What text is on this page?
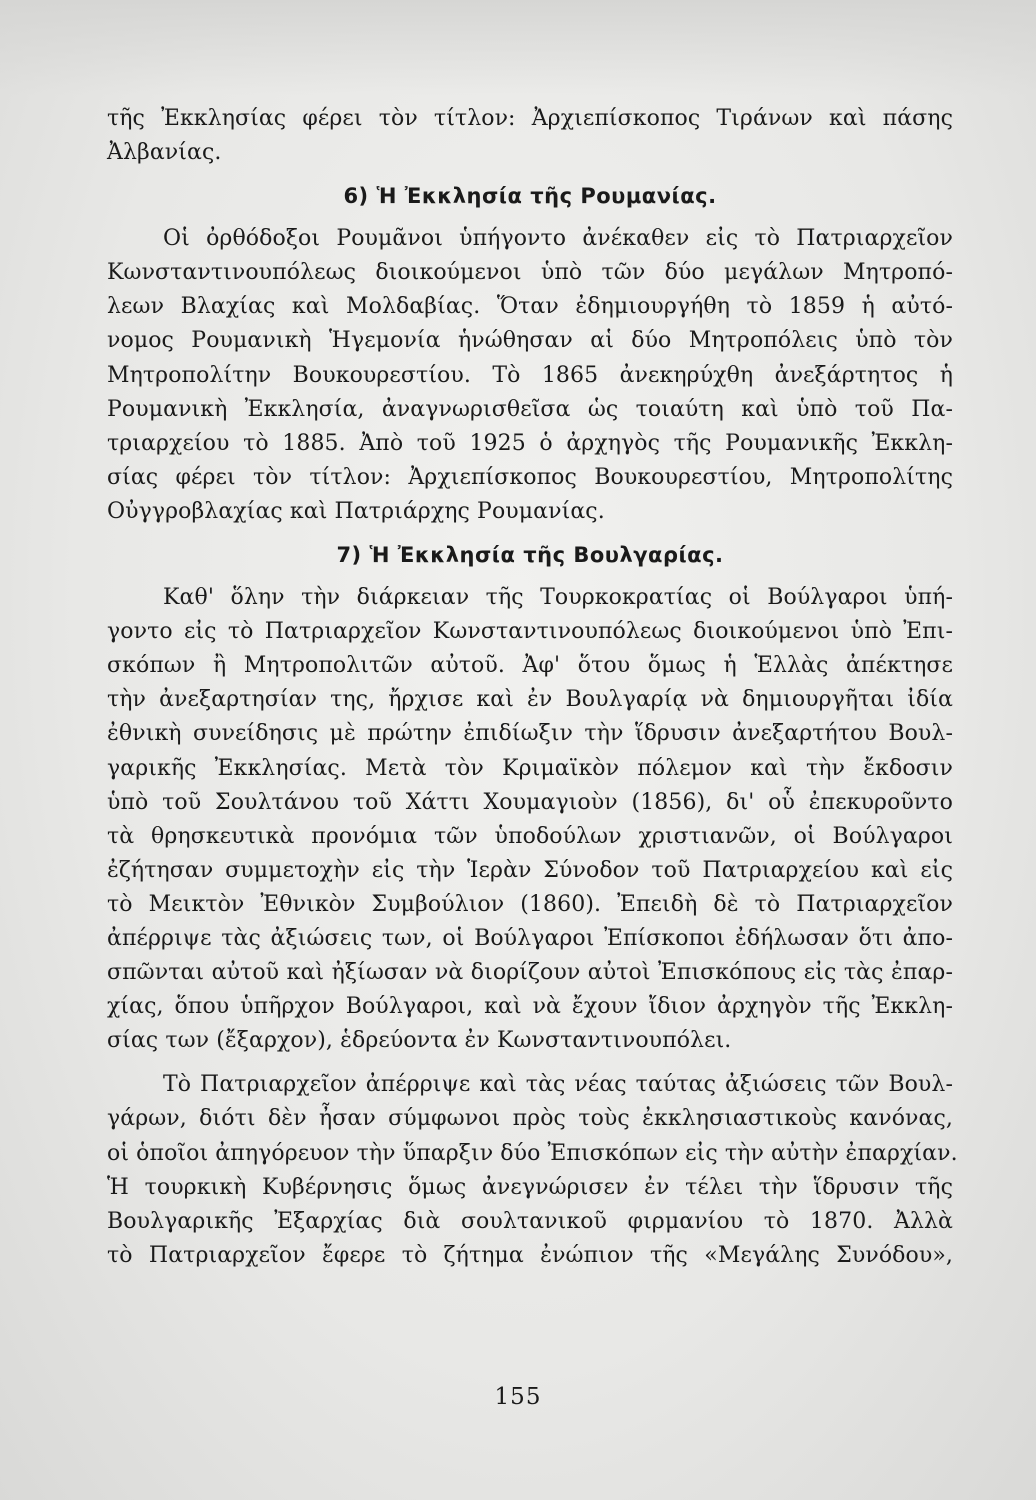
τῆς Ἐκκλησίας φέρει τὸν τίτλον: Ἀρχιεπίσκοπος Τιράνων καὶ πάσης
Ἀλβανίας.
6) Ἡ Ἐκκλησία τῆς Ρουμανίας.
Οἱ ὀρθόδοξοι Ρουμᾶνοι ὑπήγοντο ἀνέκαθεν εἰς τὸ Πατριαρχεῖον
Κωνσταντινουπόλεως διοικούμενοι ὑπὸ τῶν δύο μεγάλων Μητροπό-
λεων Βλαχίας καὶ Μολδαβίας. Ὅταν ἐδημιουργήθη τὸ 1859 ἡ αὐτό-
νομος Ρουμανικὴ Ἡγεμονία ἡνώθησαν αἱ δύο Μητροπόλεις ὑπὸ τὸν
Μητροπολίτην Βουκουρεστίου. Τὸ 1865 ἀνεκηρύχθη ἀνεξάρτητος ἡ
Ρουμανικὴ Ἐκκλησία, ἀναγνωρισθεῖσα ὡς τοιαύτη καὶ ὑπὸ τοῦ Πα-
τριαρχείου τὸ 1885. Ἀπὸ τοῦ 1925 ὁ ἀρχηγὸς τῆς Ρουμανικῆς Ἐκκλη-
σίας φέρει τὸν τίτλον: Ἀρχιεπίσκοπος Βουκουρεστίου, Μητροπολίτης
Οὐγγροβλαχίας καὶ Πατριάρχης Ρουμανίας.
7) Ἡ Ἐκκλησία τῆς Βουλγαρίας.
Καθ' ὅλην τὴν διάρκειαν τῆς Τουρκοκρατίας οἱ Βούλγαροι ὑπή-
γοντο εἰς τὸ Πατριαρχεῖον Κωνσταντινουπόλεως διοικούμενοι ὑπὸ Ἐπι-
σκόπων ἢ Μητροπολιτῶν αὐτοῦ. Ἀφ' ὅτου ὅμως ἡ Ἑλλὰς ἀπέκτησε
τὴν ἀνεξαρτησίαν της, ἤρχισε καὶ ἐν Βουλγαρίᾳ νὰ δημιουργῆται ἰδία
ἐθνικὴ συνείδησις μὲ πρώτην ἐπιδίωξιν τὴν ἵδρυσιν ἀνεξαρτήτου Βουλ-
γαρικῆς Ἐκκλησίας. Μετὰ τὸν Κριμαϊκὸν πόλεμον καὶ τὴν ἔκδοσιν
ὑπὸ τοῦ Σουλτάνου τοῦ Χάττι Χουμαγιοὺν (1856), δι' οὗ ἐπεκυροῦντο
τὰ θρησκευτικὰ προνόμια τῶν ὑποδούλων χριστιανῶν, οἱ Βούλγαροι
ἐζήτησαν συμμετοχὴν εἰς τὴν Ἱερὰν Σύνοδον τοῦ Πατριαρχείου καὶ εἰς
τὸ Μεικτὸν Ἐθνικὸν Συμβούλιον (1860). Ἐπειδὴ δὲ τὸ Πατριαρχεῖον
ἀπέρριψε τὰς ἀξιώσεις των, οἱ Βούλγαροι Ἐπίσκοποι ἐδήλωσαν ὅτι ἀπο-
σπῶνται αὐτοῦ καὶ ἠξίωσαν νὰ διορίζουν αὐτοὶ Ἐπισκόπους εἰς τὰς ἐπαρ-
χίας, ὅπου ὑπῆρχον Βούλγαροι, καὶ νὰ ἔχουν ἴδιον ἀρχηγὸν τῆς Ἐκκλη-
σίας των (ἔξαρχον), ἑδρεύοντα ἐν Κωνσταντινουπόλει.
Τὸ Πατριαρχεῖον ἀπέρριψε καὶ τὰς νέας ταύτας ἀξιώσεις τῶν Βουλ-
γάρων, διότι δὲν ἦσαν σύμφωνοι πρὸς τοὺς ἐκκλησιαστικοὺς κανόνας,
οἱ ὁποῖοι ἀπηγόρευον τὴν ὕπαρξιν δύο Ἐπισκόπων εἰς τὴν αὐτὴν ἐπαρχίαν.
Ἡ τουρκικὴ Κυβέρνησις ὅμως ἀνεγνώρισεν ἐν τέλει τὴν ἵδρυσιν τῆς
Βουλγαρικῆς Ἐξαρχίας διὰ σουλτανικοῦ φιρμανίου τὸ 1870. Ἀλλὰ
τὸ Πατριαρχεῖον ἔφερε τὸ ζήτημα ἐνώπιον τῆς «Μεγάλης Συνόδου»,
155
